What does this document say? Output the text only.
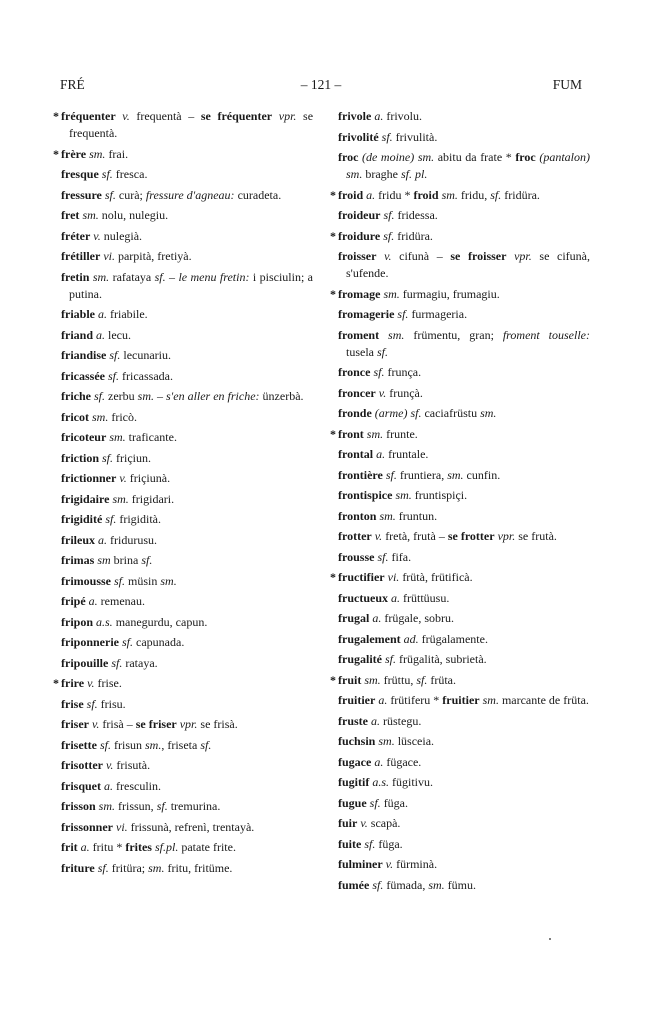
FRÉ	– 121 –	FUM
* fréquenter v. frequentà – se fréquenter vpr. se frequentà.
* frère sm. frai.
fresque sf. fresca.
fressure sf. curà; fressure d'agneau: curadeta.
fret sm. nolu, nulegiu.
fréter v. nulegià.
frétiller vi. parpità, fretiyà.
fretin sm. rafataya sf. – le menu fretin: i pisciulin; a putina.
friable a. friabile.
friand a. lecu.
friandise sf. lecunariu.
fricassée sf. fricassada.
friche sf. zerbu sm. – s'en aller en friche: ünzerbà.
fricot sm. fricò.
fricoteur sm. traficante.
friction sf. friçiun.
frictionner v. friçiunà.
frigidaire sm. frigidari.
frigidité sf. frigidità.
frileux a. fridurusu.
frimas sm brina sf.
frimousse sf. müsin sm.
fripé a. remenau.
fripon a.s. manegurdu, capun.
friponnerie sf. capunada.
fripouille sf. rataya.
* frire v. frise.
frise sf. frisu.
friser v. frisà – se friser vpr. se frisà.
frisette sf. frisun sm., friseta sf.
frisotter v. frisutà.
frisquet a. fresculin.
frisson sm. frissun, sf. tremurina.
frissonner vi. frissunà, refrenì, trentayà.
frit a. fritu * frites sf.pl. patate frite.
friture sf. fritüra; sm. fritu, fritüme.
frivole a. frivolu.
frivolité sf. frivulità.
froc (de moine) sm. abitu da frate * froc (pantalon) sm. braghe sf. pl.
* froid a. fridu * froid sm. fridu, sf. fridüra.
froideur sf. fridessa.
* froidure sf. fridüra.
froisser v. cifunà – se froisser vpr. se cifunà, s'ufende.
* fromage sm. furmagiu, frumagiu.
fromagerie sf. furmageria.
froment sm. frümentu, gran; froment touselle: tusela sf.
fronce sf. frunça.
froncer v. frunçà.
fronde (arme) sf. caciafrüstu sm.
* front sm. frunte.
frontal a. fruntale.
frontière sf. fruntiera, sm. cunfin.
frontispice sm. fruntispiçi.
fronton sm. fruntun.
frotter v. fretà, frutà – se frotter vpr. se frutà.
frousse sf. fifa.
* fructifier vi. frütà, frütificà.
fructueux a. früttüusu.
frugal a. frügale, sobru.
frugalement ad. frügalamente.
frugalité sf. frügalità, subrietà.
* fruit sm. früttu, sf. früta.
fruitier a. frütiferu * fruitier sm. marcante de früta.
fruste a. rüstegu.
fuchsin sm. lüsceia.
fugace a. fügace.
fugitif a.s. fügitivu.
fugue sf. füga.
fuir v. scapà.
fuite sf. füga.
fulminer v. fürminà.
fumée sf. fümada, sm. fümu.
